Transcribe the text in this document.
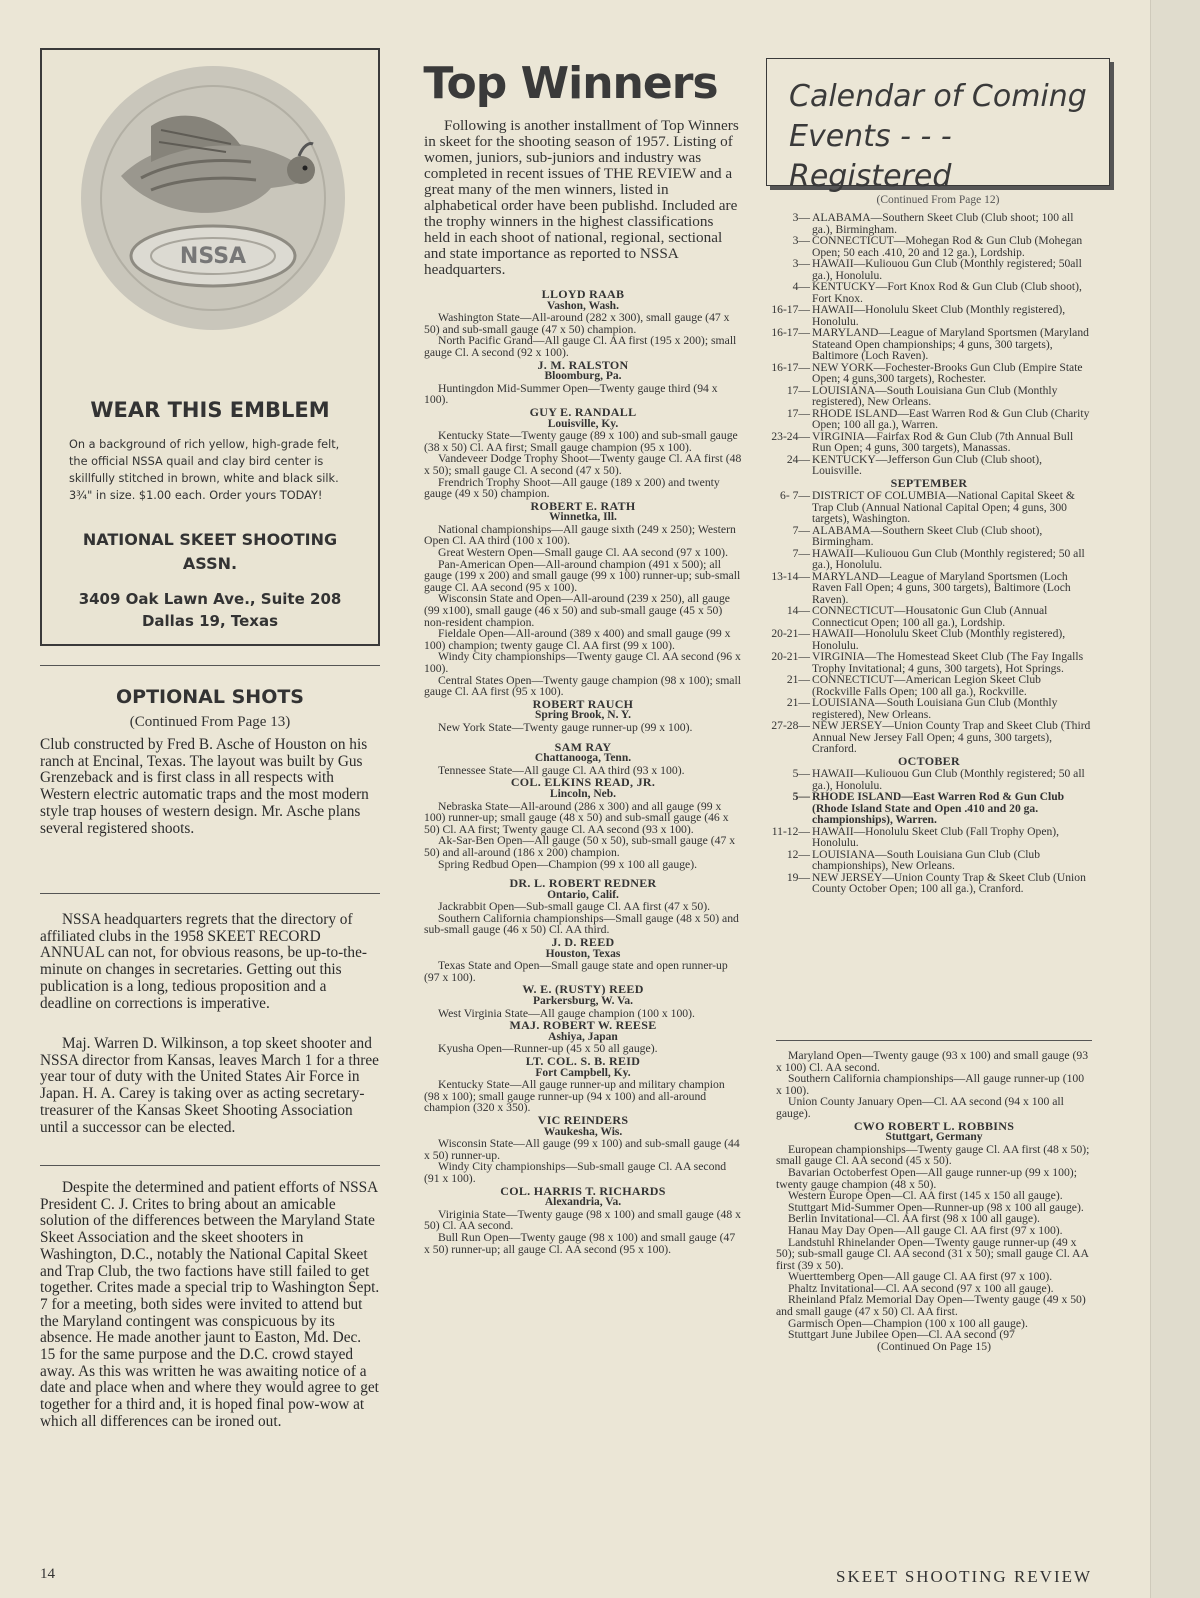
NSSA
WEAR THIS EMBLEM
On a background of rich yellow, high-grade felt, the official NSSA quail and clay bird center is skillfully stitched in brown, white and black silk. 3¾" in size. $1.00 each. Order yours TODAY!
NATIONAL SKEET SHOOTING
ASSN.
3409 Oak Lawn Ave., Suite 208
Dallas 19, Texas
OPTIONAL SHOTS
(Continued From Page 13)

Club constructed by Fred B. Asche of Houston on his ranch at Encinal, Texas. The layout was built by Gus Grenzeback and is first class in all respects with Western electric automatic traps and the most modern style trap houses of western design. Mr. Asche plans several registered shoots.

NSSA headquarters regrets that the directory of affiliated clubs in the 1958 SKEET RECORD ANNUAL can not, for obvious reasons, be up-to-the-minute on changes in secretaries. Getting out this publication is a long, tedious proposition and a deadline on corrections is imperative.

Maj. Warren D. Wilkinson, a top skeet shooter and NSSA director from Kansas, leaves March 1 for a three year tour of duty with the United States Air Force in Japan. H. A. Carey is taking over as acting secretary-treasurer of the Kansas Skeet Shooting Association until a successor can be elected.

Despite the determined and patient efforts of NSSA President C. J. Crites to bring about an amicable solution of the differences between the Maryland State Skeet Association and the skeet shooters in Washington, D.C., notably the National Capital Skeet and Trap Club, the two factions have still failed to get together. Crites made a special trip to Washington Sept. 7 for a meeting, both sides were invited to attend but the Maryland contingent was conspicuous by its absence. He made another jaunt to Easton, Md. Dec. 15 for the same purpose and the D.C. crowd stayed away. As this was written he was awaiting notice of a date and place when and where they would agree to get together for a third and, it is hoped final pow-wow at which all differences can be ironed out.

14
Top Winners

Following is another installment of Top Winners in skeet for the shooting season of 1957. Listing of women, juniors, sub-juniors and industry was completed in recent issues of THE REVIEW and a great many of the men winners, listed in alphabetical order have been publishd. Included are the trophy winners in the highest classifications held in each shoot of national, regional, sectional and state importance as reported to NSSA headquarters.

LLOYD RAAB
Vashon, Wash.

Washington State—All-around (282 x 300), small gauge (47 x 50) and sub-small gauge (47 x 50) champion.

North Pacific Grand—All gauge Cl. AA first (195 x 200); small gauge Cl. A second (92 x 100).

J. M. RALSTON
Bloomburg, Pa.

Huntingdon Mid-Summer Open—Twenty gauge third (94 x 100).

GUY E. RANDALL
Louisville, Ky.

Kentucky State—Twenty gauge (89 x 100) and sub-small gauge (38 x 50) Cl. AA first; Small gauge champion (95 x 100).

Vandeveer Dodge Trophy Shoot—Twenty gauge Cl. AA first (48 x 50); small gauge Cl. A second (47 x 50).

Frendrich Trophy Shoot—All gauge (189 x 200) and twenty gauge (49 x 50) champion.

ROBERT E. RATH
Winnetka, Ill.

National championships—All gauge sixth (249 x 250); Western Open Cl. AA third (100 x 100).

Great Western Open—Small gauge Cl. AA second (97 x 100).

Pan-American Open—All-around champion (491 x 500); all gauge (199 x 200) and small gauge (99 x 100) runner-up; sub-small gauge Cl. AA second (95 x 100).

Wisconsin State and Open—All-around (239 x 250), all gauge (99 x100), small gauge (46 x 50) and sub-small gauge (45 x 50) non-resident champion.

Fieldale Open—All-around (389 x 400) and small gauge (99 x 100) champion; twenty gauge Cl. AA first (99 x 100).

Windy City championships—Twenty gauge Cl. AA second (96 x 100).

Central States Open—Twenty gauge champion (98 x 100); small gauge Cl. AA first (95 x 100).

ROBERT RAUCH
Spring Brook, N. Y.

New York State—Twenty gauge runner-up (99 x 100).

SAM RAY
Chattanooga, Tenn.

Tennessee State—All gauge Cl. AA third (93 x 100).

COL. ELKINS READ, JR.
Lincoln, Neb.

Nebraska State—All-around (286 x 300) and all gauge (99 x 100) runner-up; small gauge (48 x 50) and sub-small gauge (46 x 50) Cl. AA first; Twenty gauge Cl. AA second (93 x 100).

Ak-Sar-Ben Open—All gauge (50 x 50), sub-small gauge (47 x 50) and all-around (186 x 200) champion.

Spring Redbud Open—Champion (99 x 100 all gauge).

DR. L. ROBERT REDNER
Ontario, Calif.

Jackrabbit Open—Sub-small gauge Cl. AA first (47 x 50).

Southern California championships—Small gauge (48 x 50) and sub-small gauge (46 x 50) Cl. AA third.

J. D. REED
Houston, Texas

Texas State and Open—Small gauge state and open runner-up (97 x 100).

W. E. (RUSTY) REED
Parkersburg, W. Va.

West Virginia State—All gauge champion (100 x 100).

MAJ. ROBERT W. REESE
Ashiya, Japan

Kyusha Open—Runner-up (45 x 50 all gauge).

LT. COL. S. B. REID
Fort Campbell, Ky.

Kentucky State—All gauge runner-up and military champion (98 x 100); small gauge runner-up (94 x 100) and all-around champion (320 x 350).

VIC REINDERS
Waukesha, Wis.

Wisconsin State—All gauge (99 x 100) and sub-small gauge (44 x 50) runner-up.

Windy City championships—Sub-small gauge Cl. AA second (91 x 100).

COL. HARRIS T. RICHARDS
Alexandria, Va.

Viriginia State—Twenty gauge (98 x 100) and small gauge (48 x 50) Cl. AA second.

Bull Run Open—Twenty gauge (98 x 100) and small gauge (47 x 50) runner-up; all gauge Cl. AA second (95 x 100).

Calendar of Coming
Events - - - Registered
(Continued From Page 12)
3— ALABAMA—Southern Skeet Club (Club shoot; 100 all ga.), Birmingham.
3— CONNECTICUT—Mohegan Rod & Gun Club (Mohegan Open; 50 each .410, 20 and 12 ga.), Lordship.
3— HAWAII—Kuliouou Gun Club (Monthly registered; 50all ga.), Honolulu.
4— KENTUCKY—Fort Knox Rod & Gun Club (Club shoot), Fort Knox.
16-17— HAWAII—Honolulu Skeet Club (Monthly registered), Honolulu.
16-17— MARYLAND—League of Maryland Sportsmen (Maryland Stateand Open championships; 4 guns, 300 targets), Baltimore (Loch Raven).
16-17— NEW YORK—Fochester-Brooks Gun Club (Empire State Open; 4 guns,300 targets), Rochester.
17— LOUISIANA—South Louisiana Gun Club (Monthly registered), New Orleans.
17— RHODE ISLAND—East Warren Rod & Gun Club (Charity Open; 100 all ga.), Warren.
23-24— VIRGINIA—Fairfax Rod & Gun Club (7th Annual Bull Run Open; 4 guns, 300 targets), Manassas.
24— KENTUCKY—Jefferson Gun Club (Club shoot), Louisville.
SEPTEMBER
6- 7— DISTRICT OF COLUMBIA—National Capital Skeet & Trap Club (Annual National Capital Open; 4 guns, 300 targets), Washington.
7— ALABAMA—Southern Skeet Club (Club shoot), Birmingham.
7— HAWAII—Kuliouou Gun Club (Monthly registered; 50 all ga.), Honolulu.
13-14— MARYLAND—League of Maryland Sportsmen (Loch Raven Fall Open; 4 guns, 300 targets), Baltimore (Loch Raven).
14— CONNECTICUT—Housatonic Gun Club (Annual Connecticut Open; 100 all ga.), Lordship.
20-21— HAWAII—Honolulu Skeet Club (Monthly registered), Honolulu.
20-21— VIRGINIA—The Homestead Skeet Club (The Fay Ingalls Trophy Invitational; 4 guns, 300 targets), Hot Springs.
21— CONNECTICUT—American Legion Skeet Club (Rockville Falls Open; 100 all ga.), Rockville.
21— LOUISIANA—South Louisiana Gun Club (Monthly registered), New Orleans.
27-28— NEW JERSEY—Union County Trap and Skeet Club (Third Annual New Jersey Fall Open; 4 guns, 300 targets), Cranford.
OCTOBER
5— HAWAII—Kuliouou Gun Club (Monthly registered; 50 all ga.), Honolulu.
5— RHODE ISLAND—East Warren Rod & Gun Club (Rhode Island State and Open .410 and 20 ga. championships), Warren.
11-12— HAWAII—Honolulu Skeet Club (Fall Trophy Open), Honolulu.
12— LOUISIANA—South Louisiana Gun Club (Club championships), New Orleans.
19— NEW JERSEY—Union County Trap & Skeet Club (Union County October Open; 100 all ga.), Cranford.

Maryland Open—Twenty gauge (93 x 100) and small gauge (93 x 100) Cl. AA second.

Southern California championships—All gauge runner-up (100 x 100).

Union County January Open—Cl. AA second (94 x 100 all gauge).

CWO ROBERT L. ROBBINS
Stuttgart, Germany

European championships—Twenty gauge Cl. AA first (48 x 50); small gauge Cl. AA second (45 x 50).

Bavarian Octoberfest Open—All gauge runner-up (99 x 100); twenty gauge champion (48 x 50).

Western Europe Open—Cl. AA first (145 x 150 all gauge).

Stuttgart Mid-Summer Open—Runner-up (98 x 100 all gauge).

Berlin Invitational—Cl. AA first (98 x 100 all gauge).

Hanau May Day Open—All gauge Cl. AA first (97 x 100).

Landstuhl Rhinelander Open—Twenty gauge runner-up (49 x 50); sub-small gauge Cl. AA second (31 x 50); small gauge Cl. AA first (39 x 50).

Wuerttemberg Open—All gauge Cl. AA first (97 x 100).

Phaltz Invitational—Cl. AA second (97 x 100 all gauge).

Rheinland Pfalz Memorial Day Open—Twenty gauge (49 x 50) and small gauge (47 x 50) Cl. AA first.

Garmisch Open—Champion (100 x 100 all gauge).

Stuttgart June Jubilee Open—Cl. AA second (97

(Continued On Page 15)
SKEET SHOOTING REVIEW
